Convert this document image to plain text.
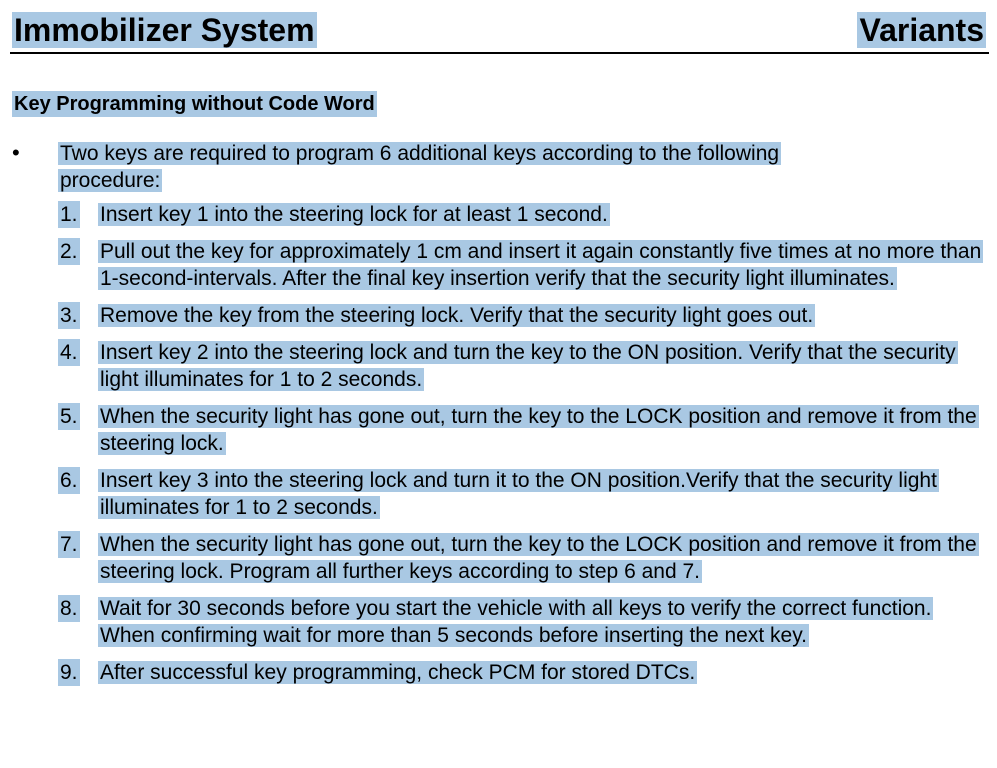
Immobilizer System	Variants
Key Programming without Code Word
• Two keys are required to program 6 additional keys according to the following procedure:
1. Insert key 1 into the steering lock for at least 1 second.
2. Pull out the key for approximately 1 cm and insert it again constantly five times at no more than 1-second-intervals. After the final key insertion verify that the security light illuminates.
3. Remove the key from the steering lock. Verify that the security light goes out.
4. Insert key 2 into the steering lock and turn the key to the ON position. Verify that the security light illuminates for 1 to 2 seconds.
5. When the security light has gone out, turn the key to the LOCK position and remove it from the steering lock.
6. Insert key 3 into the steering lock and turn it to the ON position.Verify that the security light illuminates for 1 to 2 seconds.
7. When the security light has gone out, turn the key to the LOCK position and remove it from the steering lock. Program all further keys according to step 6 and 7.
8. Wait for 30 seconds before you start the vehicle with all keys to verify the correct function. When confirming wait for more than 5 seconds before inserting the next key.
9. After successful key programming, check PCM for stored DTCs.
